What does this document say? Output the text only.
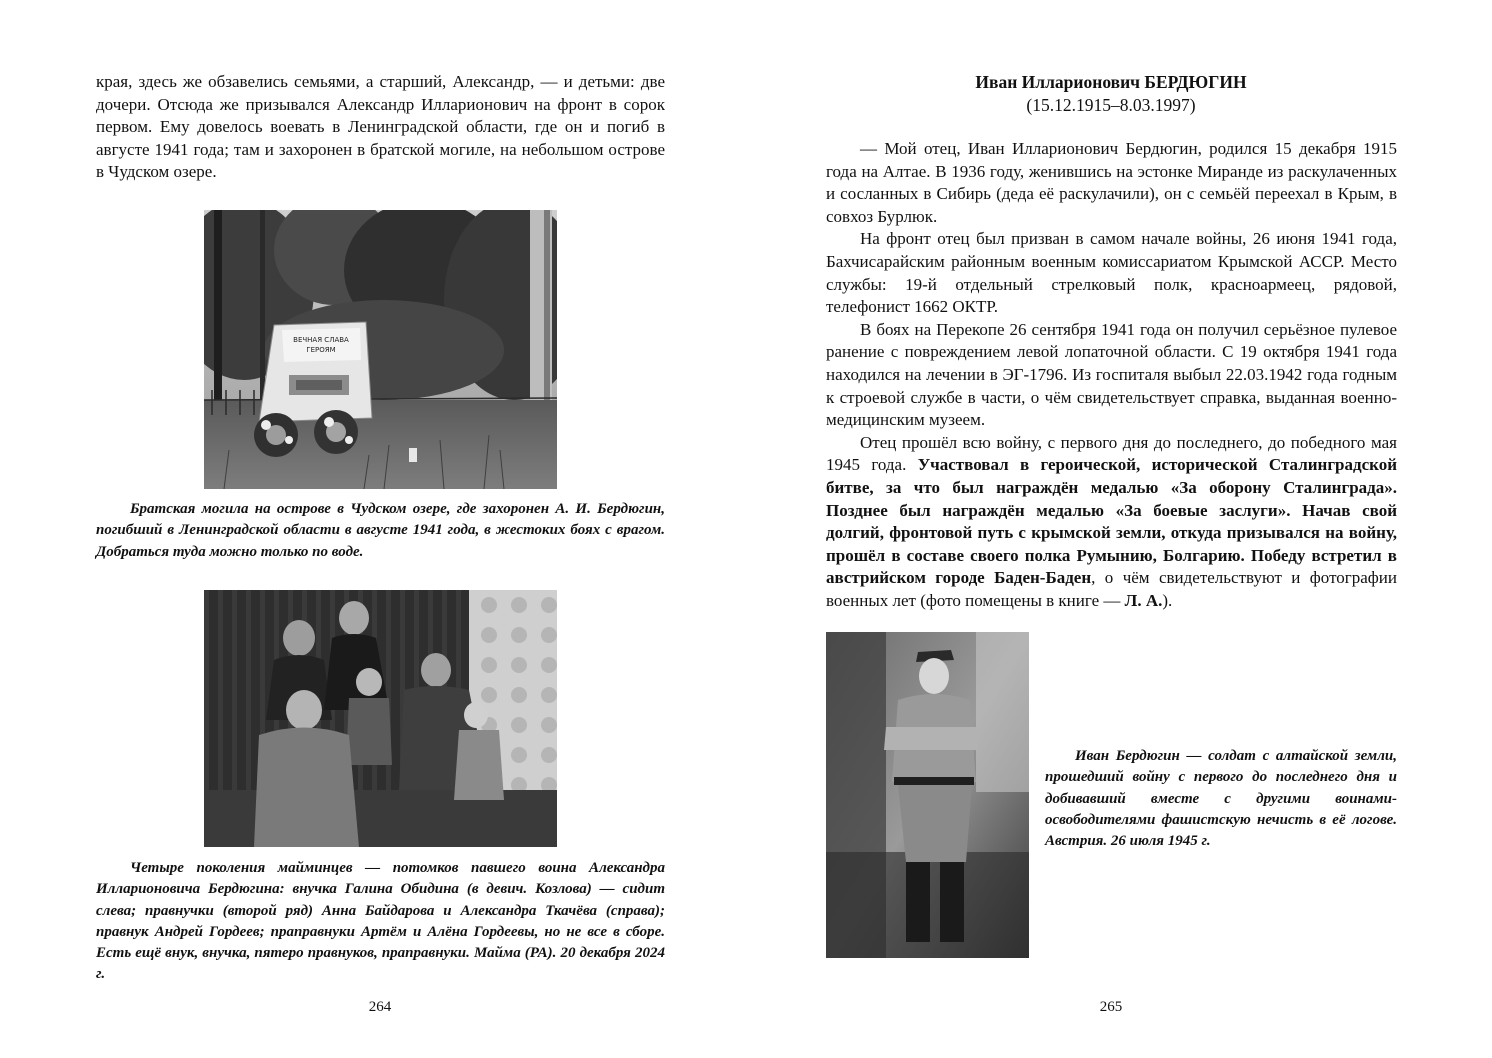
края, здесь же обзавелись семьями, а старший, Александр, — и детьми: две дочери. Отсюда же призывался Александр Илларионович на фронт в сорок первом. Ему довелось воевать в Ленинградской области, где он и погиб в августе 1941 года; там и захоронен в братской могиле, на небольшом острове в Чудском озере.

ВЕЧНАЯ СЛАВА
ГЕРОЯМ

Братская могила на острове в Чудском озере, где захоронен А. И. Бердюгин, погибший в Ленинградской области в августе 1941 года, в жестоких боях с врагом. Добраться туда можно только по воде.

Четыре поколения майминцев — потомков павшего воина Александра Илларионовича Бердюгина: внучка Галина Обидина (в девич. Козлова) — сидит слева; правнучки (второй ряд) Анна Байдарова и Александра Ткачёва (справа); правнук Андрей Гордеев; праправнуки Артём и Алёна Гордеевы, но не все в сборе. Есть ещё внук, внучка, пятеро правнуков, праправнуки. Майма (РА). 20 декабря 2024 г.

264
Иван Илларионович БЕРДЮГИН
(15.12.1915–8.03.1997)

— Мой отец, Иван Илларионович Бердюгин, родился 15 декабря 1915 года на Алтае. В 1936 году, женившись на эстонке Миранде из раскулаченных и сосланных в Сибирь (деда её раскулачили), он с семьёй переехал в Крым, в совхоз Бурлюк.

На фронт отец был призван в самом начале войны, 26 июня 1941 года, Бахчисарайским районным военным комиссариатом Крымской АССР. Место службы: 19-й отдельный стрелковый полк, красноармеец, рядовой, телефонист 1662 ОКТР.

В боях на Перекопе 26 сентября 1941 года он получил серьёзное пулевое ранение с повреждением левой лопаточной области. С 19 октября 1941 года находился на лечении в ЭГ-1796. Из госпиталя выбыл 22.03.1942 года годным к строевой службе в части, о чём свидетельствует справка, выданная военно-медицинским музеем.

Отец прошёл всю войну, с первого дня до последнего, до победного мая 1945 года. Участвовал в героической, исторической Сталинградской битве, за что был награждён медалью «За оборону Сталинграда». Позднее был награждён медалью «За боевые заслуги». Начав свой долгий, фронтовой путь с крымской земли, откуда призывался на войну, прошёл в составе своего полка Румынию, Болгарию. Победу встретил в австрийском городе Баден-Баден, о чём свидетельствуют и фотографии военных лет (фото помещены в книге — Л. А.).

Иван Бердюгин — солдат с алтайской земли, прошедший войну с первого до последнего дня и добивавший вместе с другими воинами-освободителями фашистскую нечисть в её логове. Австрия. 26 июля 1945 г.

265
